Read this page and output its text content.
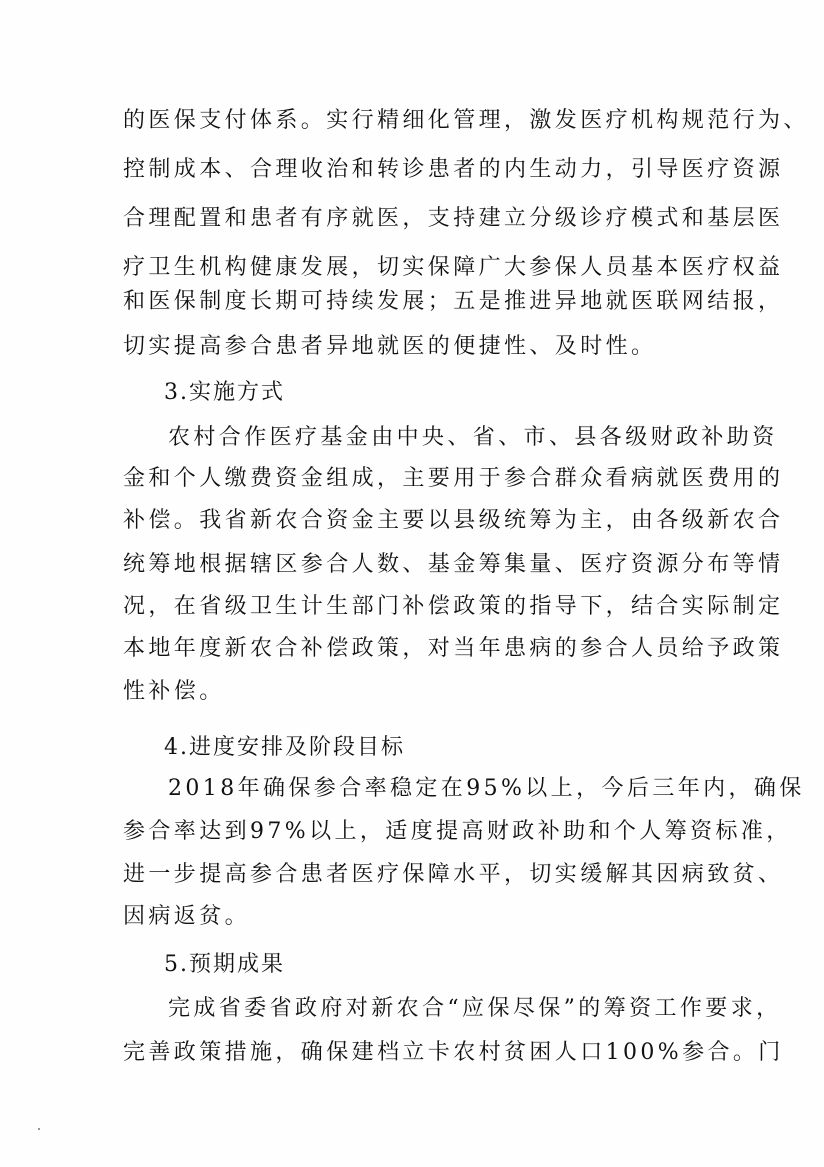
的医保支付体系。实行精细化管理，激发医疗机构规范行为、
控制成本、合理收治和转诊患者的内生动力，引导医疗资源
合理配置和患者有序就医，支持建立分级诊疗模式和基层医
疗卫生机构健康发展，切实保障广大参保人员基本医疗权益
和医保制度长期可持续发展；五是推进异地就医联网结报，
切实提高参合患者异地就医的便捷性、及时性。
3.实施方式
农村合作医疗基金由中央、省、市、县各级财政补助资
金和个人缴费资金组成，主要用于参合群众看病就医费用的
补偿。我省新农合资金主要以县级统筹为主，由各级新农合
统筹地根据辖区参合人数、基金筹集量、医疗资源分布等情
况，在省级卫生计生部门补偿政策的指导下，结合实际制定
本地年度新农合补偿政策，对当年患病的参合人员给予政策
性补偿。
4.进度安排及阶段目标
2018年确保参合率稳定在95%以上，今后三年内，确保
参合率达到97%以上，适度提高财政补助和个人筹资标准，
进一步提高参合患者医疗保障水平，切实缓解其因病致贫、
因病返贫。
5.预期成果
完成省委省政府对新农合“应保尽保”的筹资工作要求，
完善政策措施，确保建档立卡农村贫困人口100%参合。门
